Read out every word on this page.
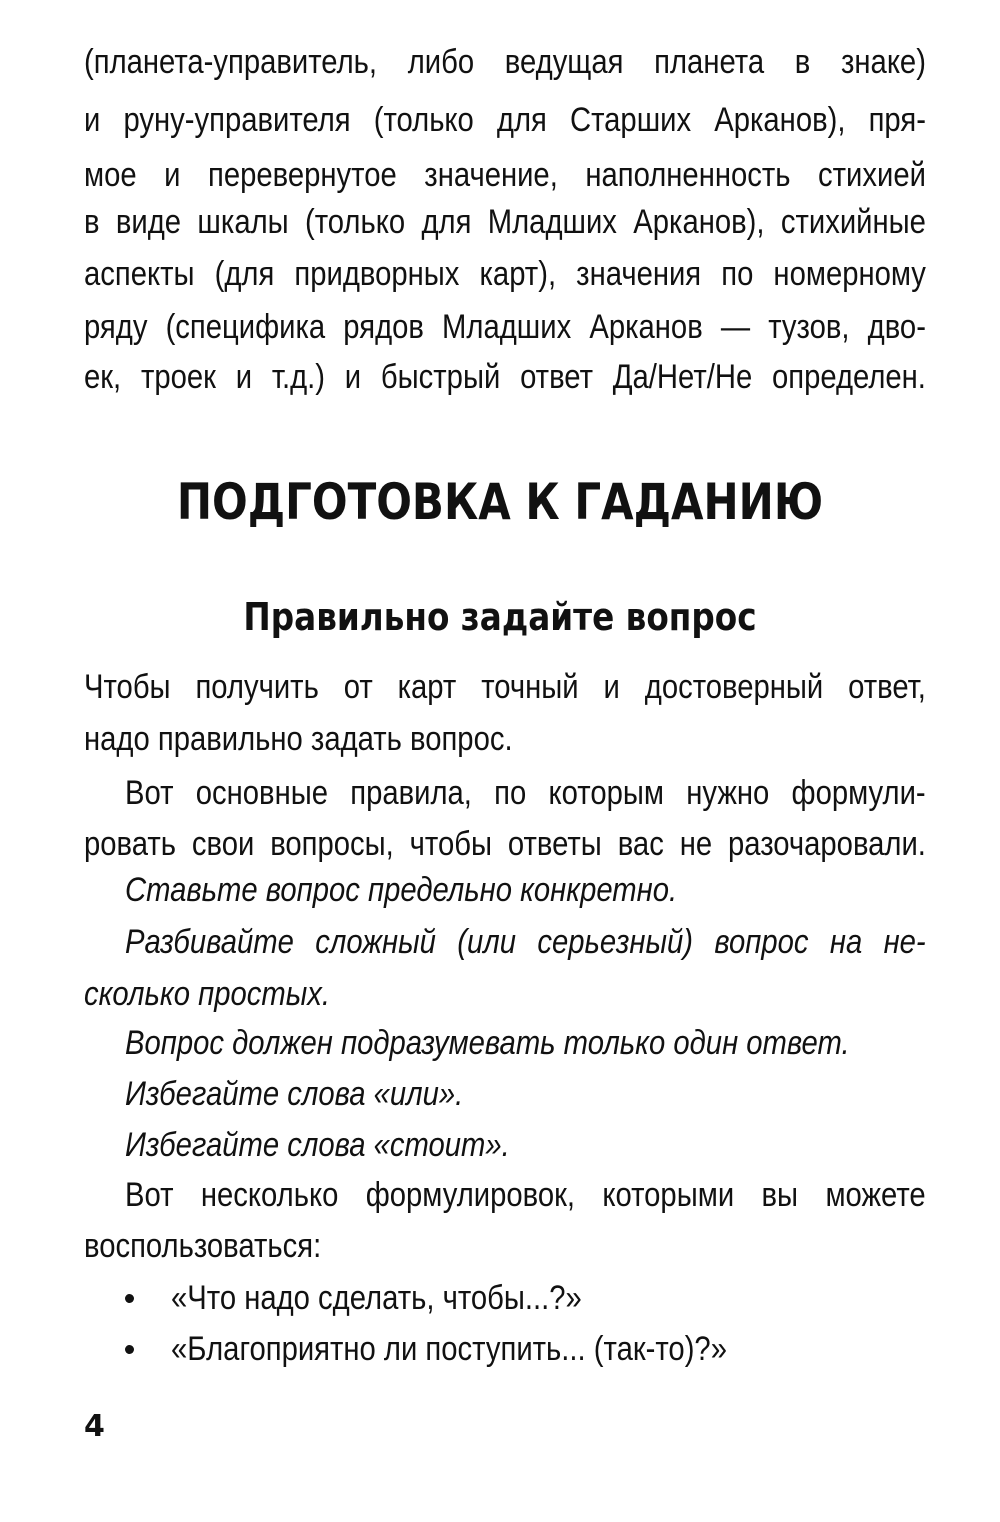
(планета-управитель, либо ведущая планета в знаке)
и руну-управителя (только для Старших Арканов), пря-
мое и перевернутое значение, наполненность стихией
в виде шкалы (только для Младших Арканов), стихийные
аспекты (для придворных карт), значения по номерному
ряду (специфика рядов Младших Арканов — тузов, дво-
ек, троек и т.д.) и быстрый ответ Да/Нет/Не определен.
ПОДГОТОВКА К ГАДАНИЮ
Правильно задайте вопрос
Чтобы получить от карт точный и достоверный ответ,
надо правильно задать вопрос.
Вот основные правила, по которым нужно формули-
ровать свои вопросы, чтобы ответы вас не разочаровали.
Ставьте вопрос предельно конкретно.
Разбивайте сложный (или серьезный) вопрос на не-
сколько простых.
Вопрос должен подразумевать только один ответ.
Избегайте слова «или».
Избегайте слова «стоит».
Вот несколько формулировок, которыми вы можете
воспользоваться:
«Что надо сделать, чтобы...?»
«Благоприятно ли поступить... (так-то)?»
4
